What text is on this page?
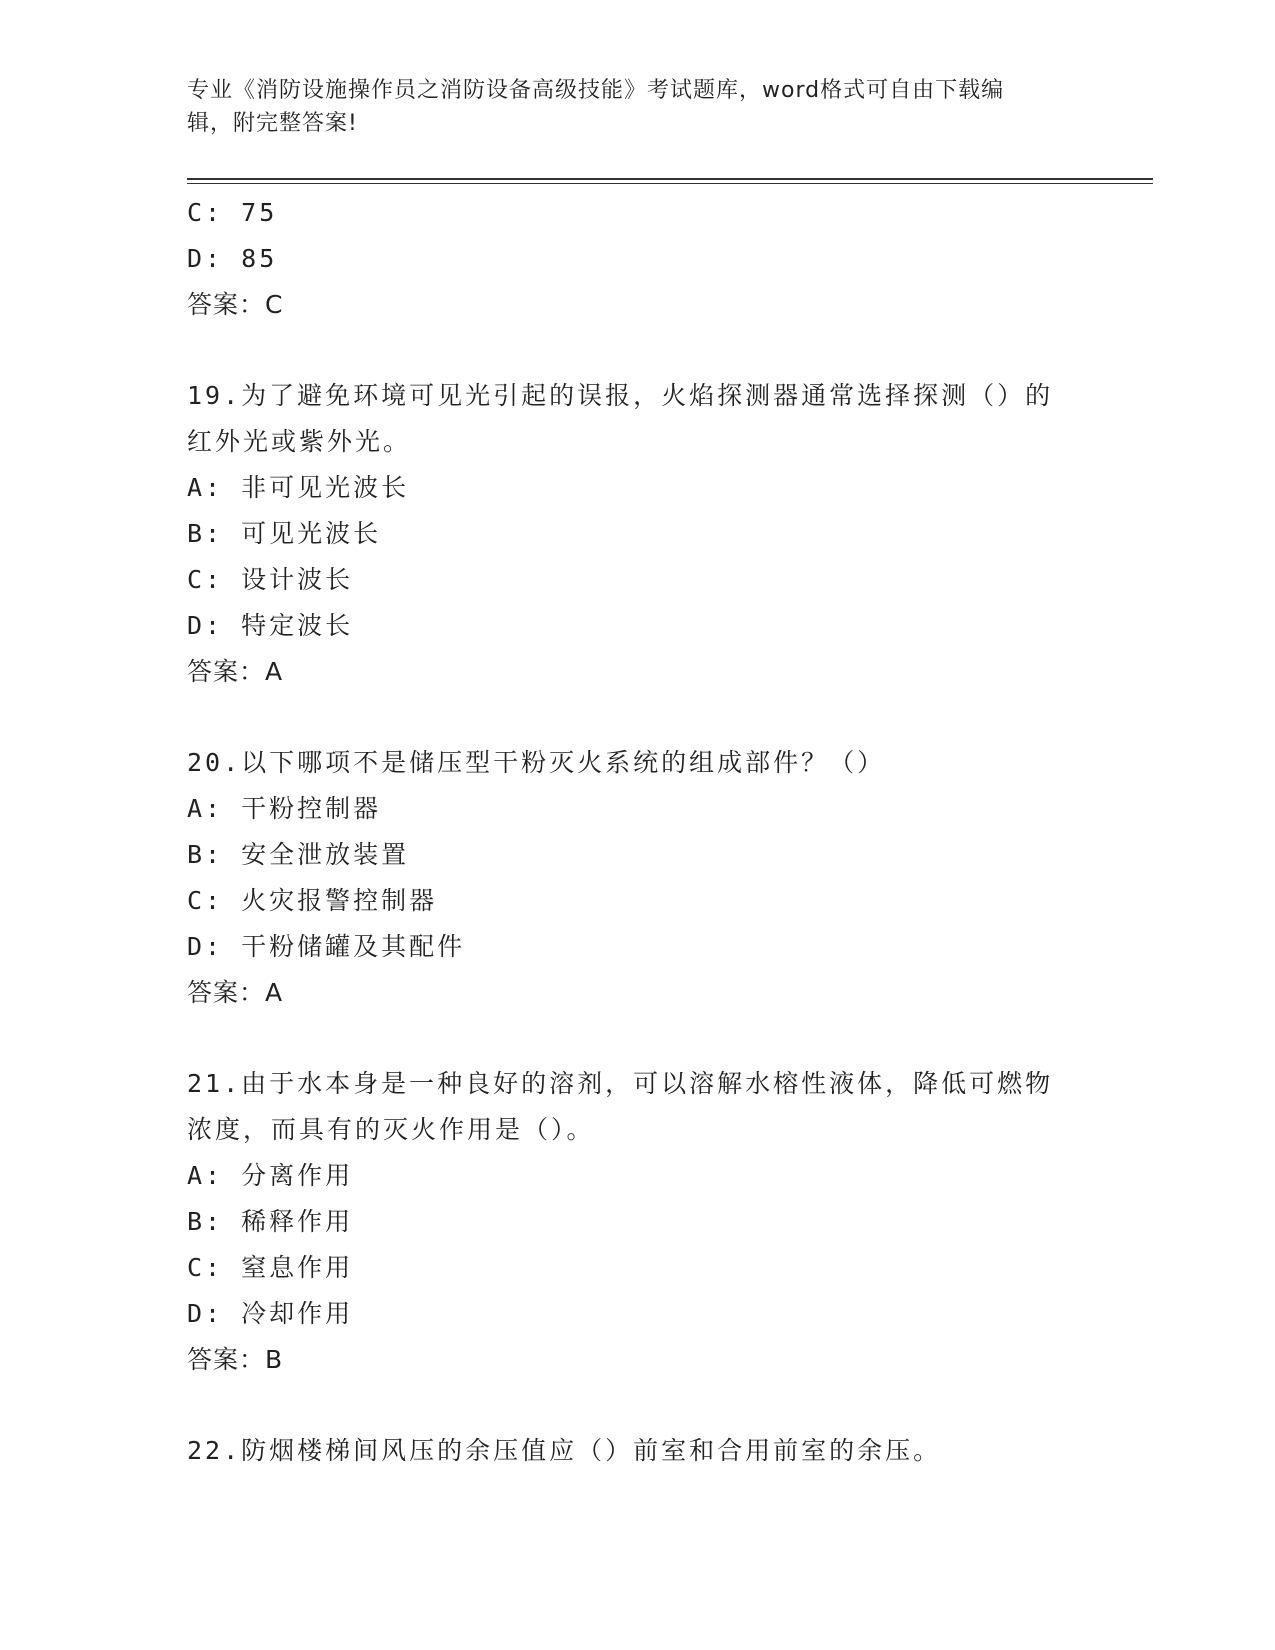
专业《消防设施操作员之消防设备高级技能》考试题库，word格式可自由下载编
辑，附完整答案!
C: 75
D: 85
答案：C
19.为了避免环境可见光引起的误报，火焰探测器通常选择探测（）的
红外光或紫外光。
A: 非可见光波长
B: 可见光波长
C: 设计波长
D: 特定波长
答案：A
20.以下哪项不是储压型干粉灭火系统的组成部件？（）
A: 干粉控制器
B: 安全泄放装置
C: 火灾报警控制器
D: 干粉储罐及其配件
答案：A
21.由于水本身是一种良好的溶剂，可以溶解水榕性液体，降低可燃物
浓度，而具有的灭火作用是（）。
A: 分离作用
B: 稀释作用
C: 窒息作用
D: 冷却作用
答案：B
22.防烟楼梯间风压的余压值应（）前室和合用前室的余压。
